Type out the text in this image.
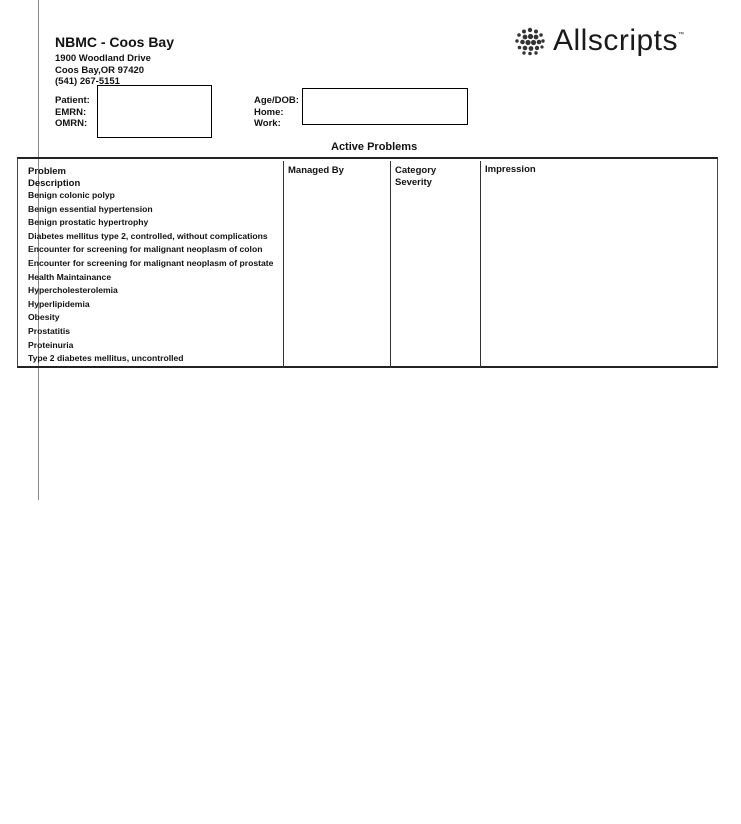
NBMC - Coos Bay
1900 Woodland Drive
Coos Bay,OR 97420
(541) 267-5151
Allscripts ™
Patient:
EMRN:
OMRN:
Age/DOB:
Home:
Work:
Active Problems
Problem
Description
Managed By	Category
Severity
Impression
Benign colonic polyp
Benign essential hypertension
Benign prostatic hypertrophy
Diabetes mellitus type 2, controlled, without complications
Encounter for screening for malignant neoplasm of colon
Encounter for screening for malignant neoplasm of prostate
Health Maintainance
Hypercholesterolemia
Hyperlipidemia
Obesity
Prostatitis
Proteinuria
Type 2 diabetes mellitus, uncontrolled
